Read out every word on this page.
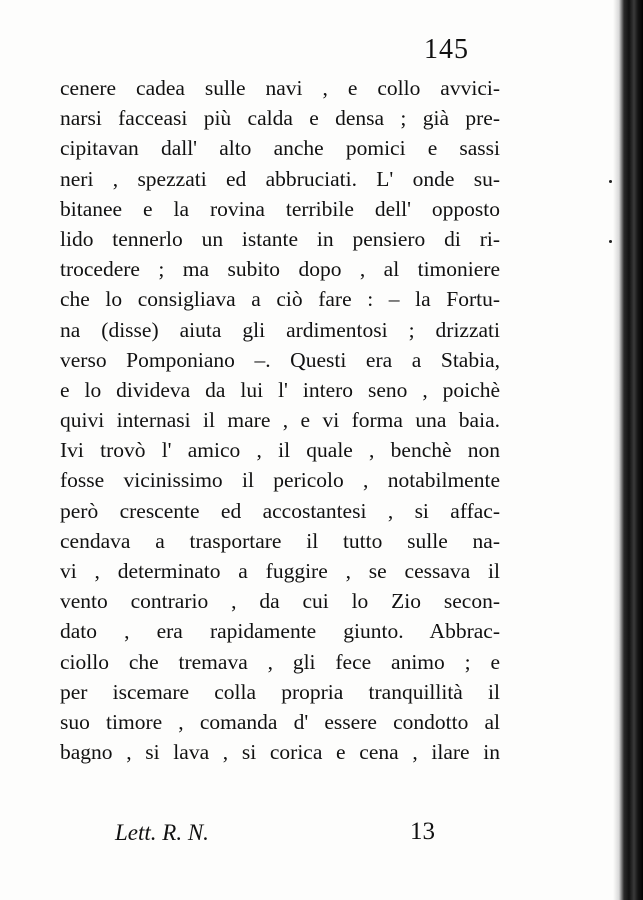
145
cenere cadea sulle navi , e collo avvici-
narsi facceasi più calda e densa ; già pre-
cipitavan dall' alto anche pomici e sassi
neri , spezzati ed abbruciati. L' onde su-
bitanee e la rovina terribile dell' opposto
lido tennerlo un istante in pensiero di ri-
trocedere ; ma subito dopo , al timoniere
che lo consigliava a ciò fare : – la Fortu-
na (disse) aiuta gli ardimentosi ; drizzati
verso Pomponiano –. Questi era a Stabia,
e lo divideva da lui l' intero seno , poichè
quivi internasi il mare , e vi forma una baia.
Ivi trovò l' amico , il quale , benchè non
fosse vicinissimo il pericolo , notabilmente
però crescente ed accostantesi , si affac-
cendava a trasportare il tutto sulle na-
vi , determinato a fuggire , se cessava il
vento contrario , da cui lo Zio secon-
dato , era rapidamente giunto. Abbrac-
ciollo che tremava , gli fece animo ; e
per iscemare colla propria tranquillità il
suo timore , comanda d' essere condotto al
bagno , si lava , si corica e cena , ilare in
Lett. R. N.	13
